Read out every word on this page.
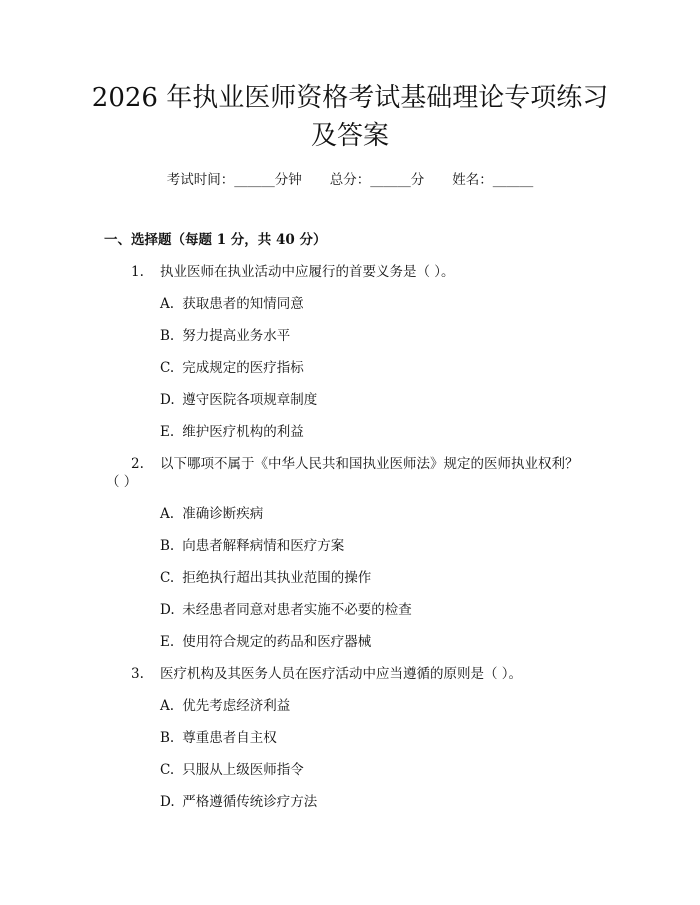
2026 年执业医师资格考试基础理论专项练习
及答案
考试时间：______分钟 总分：______分 姓名：______
一、选择题（每题 1 分，共 40 分）
1. 执业医师在执业活动中应履行的首要义务是（ ）。
A. 获取患者的知情同意
B. 努力提高业务水平
C. 完成规定的医疗指标
D. 遵守医院各项规章制度
E. 维护医疗机构的利益
2. 以下哪项不属于《中华人民共和国执业医师法》规定的医师执业权利？
（ ）
A. 准确诊断疾病
B. 向患者解释病情和医疗方案
C. 拒绝执行超出其执业范围的操作
D. 未经患者同意对患者实施不必要的检查
E. 使用符合规定的药品和医疗器械
3. 医疗机构及其医务人员在医疗活动中应当遵循的原则是（ ）。
A. 优先考虑经济利益
B. 尊重患者自主权
C. 只服从上级医师指令
D. 严格遵循传统诊疗方法
